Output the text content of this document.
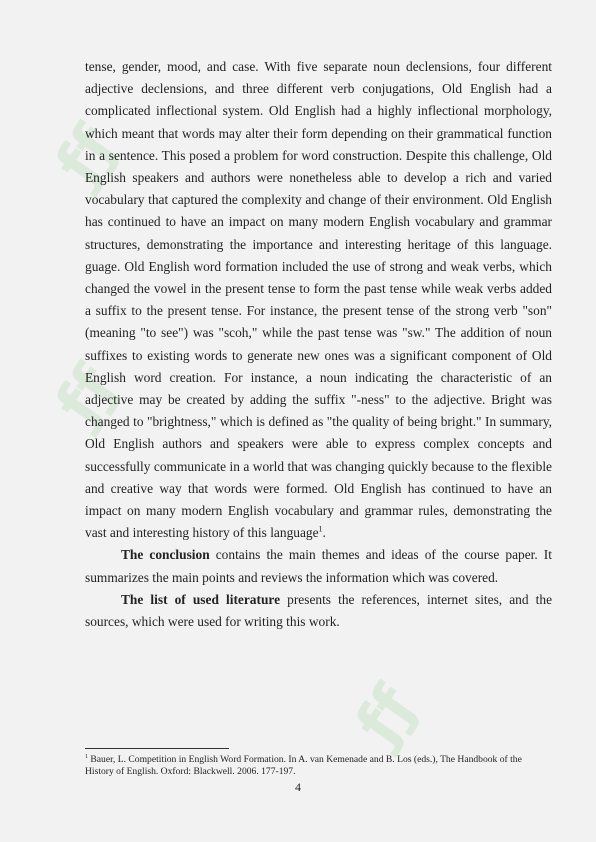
ƒƒ
ƒƒ
ƒƒ

tense, gender, mood, and case. With five separate noun declensions, four different adjective declensions, and three different verb conjugations, Old English had a complicated inflectional system. Old English had a highly inflectional morphology, which meant that words may alter their form depending on their grammatical function in a sentence. This posed a problem for word construction. Despite this challenge, Old English speakers and authors were nonetheless able to develop a rich and varied vocabulary that captured the complexity and change of their environment. Old English has continued to have an impact on many modern English vocabulary and grammar structures, demonstrating the importance and interesting heritage of this language. guage. Old English word formation included the use of strong and weak verbs, which changed the vowel in the present tense to form the past tense while weak verbs added a suffix to the present tense. For instance, the present tense of the strong verb "son" (meaning "to see") was "scoh," while the past tense was "sw." The addition of noun suffixes to existing words to generate new ones was a significant component of Old English word creation. For instance, a noun indicating the characteristic of an adjective may be created by adding the suffix "-ness" to the adjective. Bright was changed to "brightness," which is defined as "the quality of being bright." In summary, Old English authors and speakers were able to express complex concepts and successfully communicate in a world that was changing quickly because to the flexible and creative way that words were formed. Old English has continued to have an impact on many modern English vocabulary and grammar rules, demonstrating the vast and interesting history of this language$^1$.

The conclusion contains the main themes and ideas of the course paper. It summarizes the main points and reviews the information which was covered.

The list of used literature presents the references, internet sites, and the sources, which were used for writing this work.

$^1$ Bauer, L. Competition in English Word Formation. In A. van Kemenade and B. Los (eds.), The Handbook of the History of English. Oxford: Blackwell. 2006. 177-197.
4
